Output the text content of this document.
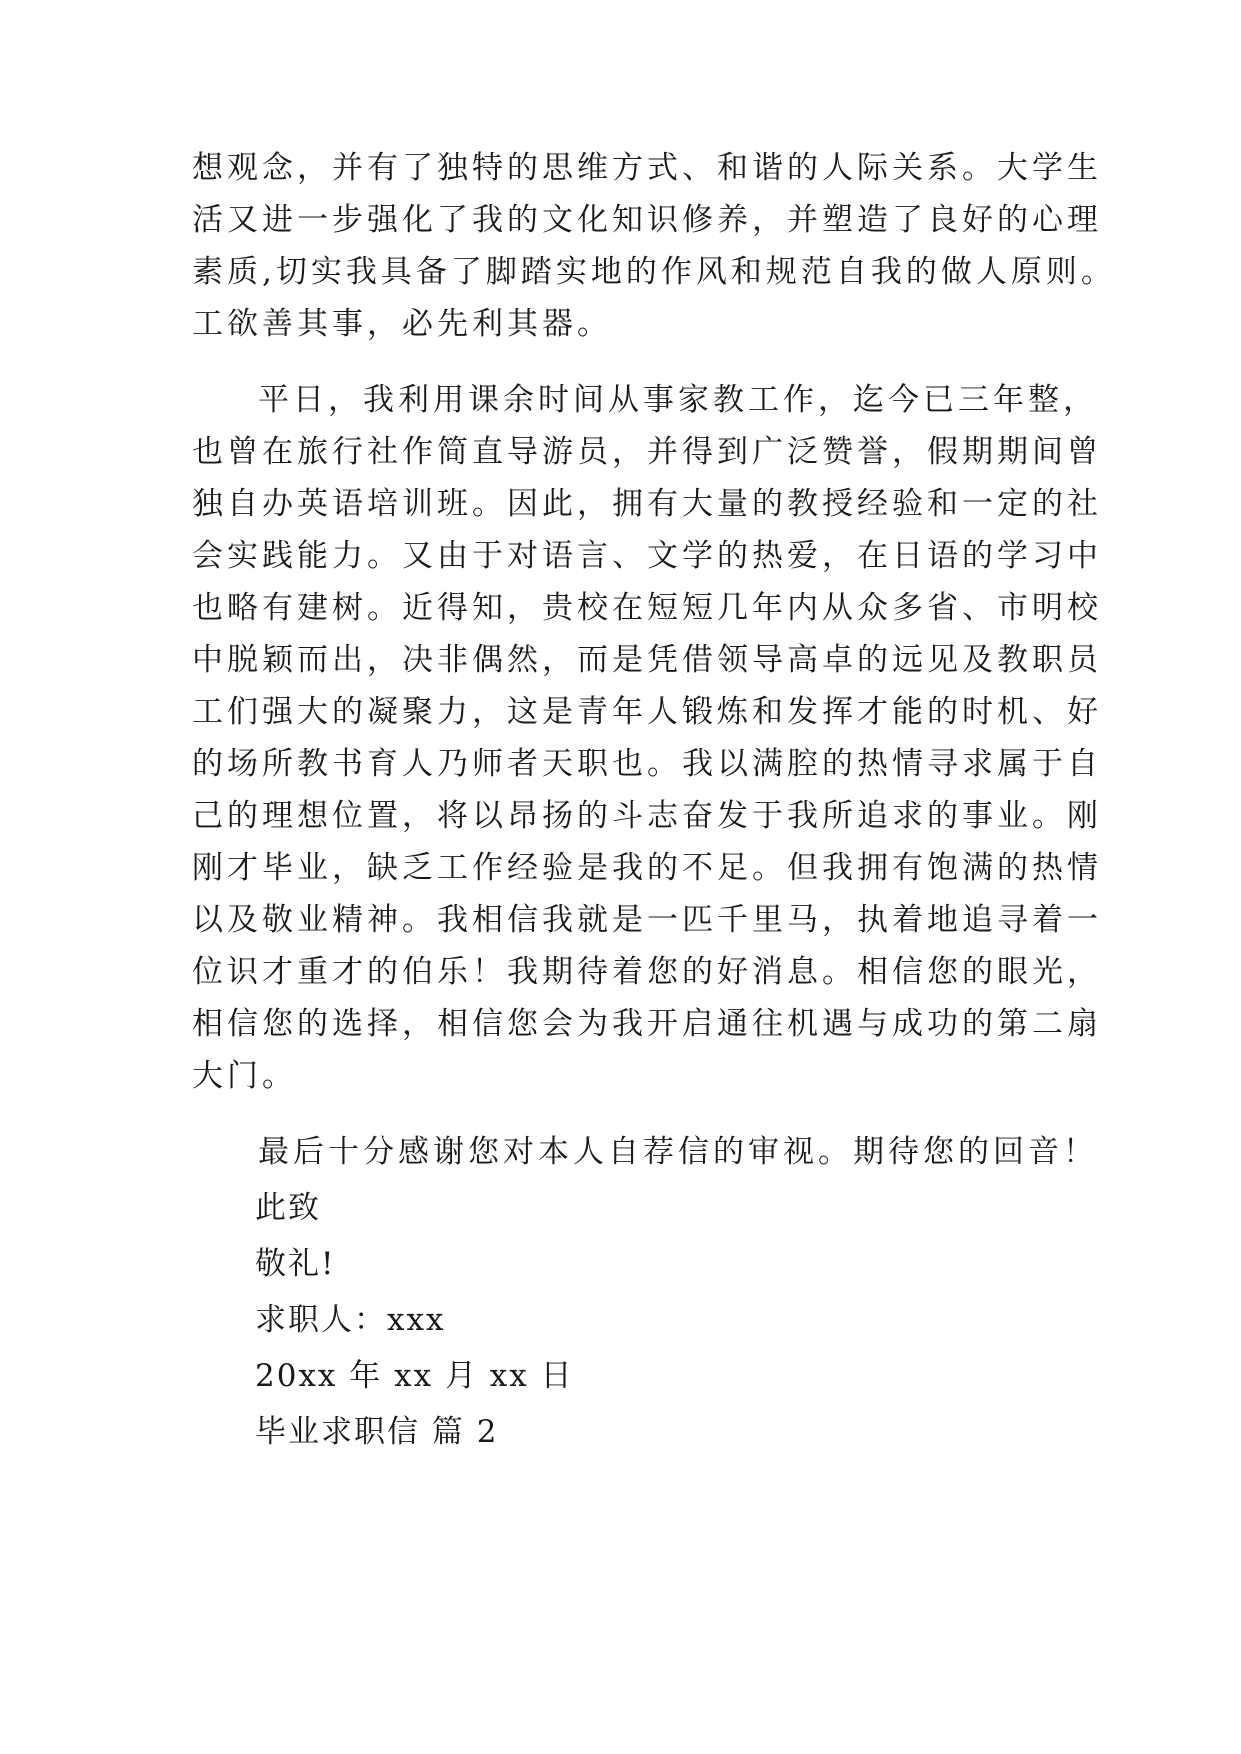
想观念，并有了独特的思维方式、和谐的人际关系。大学生
活又进一步强化了我的文化知识修养，并塑造了良好的心理
素质,切实我具备了脚踏实地的作风和规范自我的做人原则。
工欲善其事，必先利其器。
平日，我利用课余时间从事家教工作，迄今已三年整，
也曾在旅行社作简直导游员，并得到广泛赞誉，假期期间曾
独自办英语培训班。因此，拥有大量的教授经验和一定的社
会实践能力。又由于对语言、文学的热爱，在日语的学习中
也略有建树。近得知，贵校在短短几年内从众多省、市明校
中脱颖而出，决非偶然，而是凭借领导高卓的远见及教职员
工们强大的凝聚力，这是青年人锻炼和发挥才能的时机、好
的场所教书育人乃师者天职也。我以满腔的热情寻求属于自
己的理想位置，将以昂扬的斗志奋发于我所追求的事业。刚
刚才毕业，缺乏工作经验是我的不足。但我拥有饱满的热情
以及敬业精神。我相信我就是一匹千里马，执着地追寻着一
位识才重才的伯乐！我期待着您的好消息。相信您的眼光，
相信您的选择，相信您会为我开启通往机遇与成功的第二扇
大门。
最后十分感谢您对本人自荐信的审视。期待您的回音！
此致
敬礼!
求职人：xxx
20xx 年 xx 月 xx 日
毕业求职信 篇 2
